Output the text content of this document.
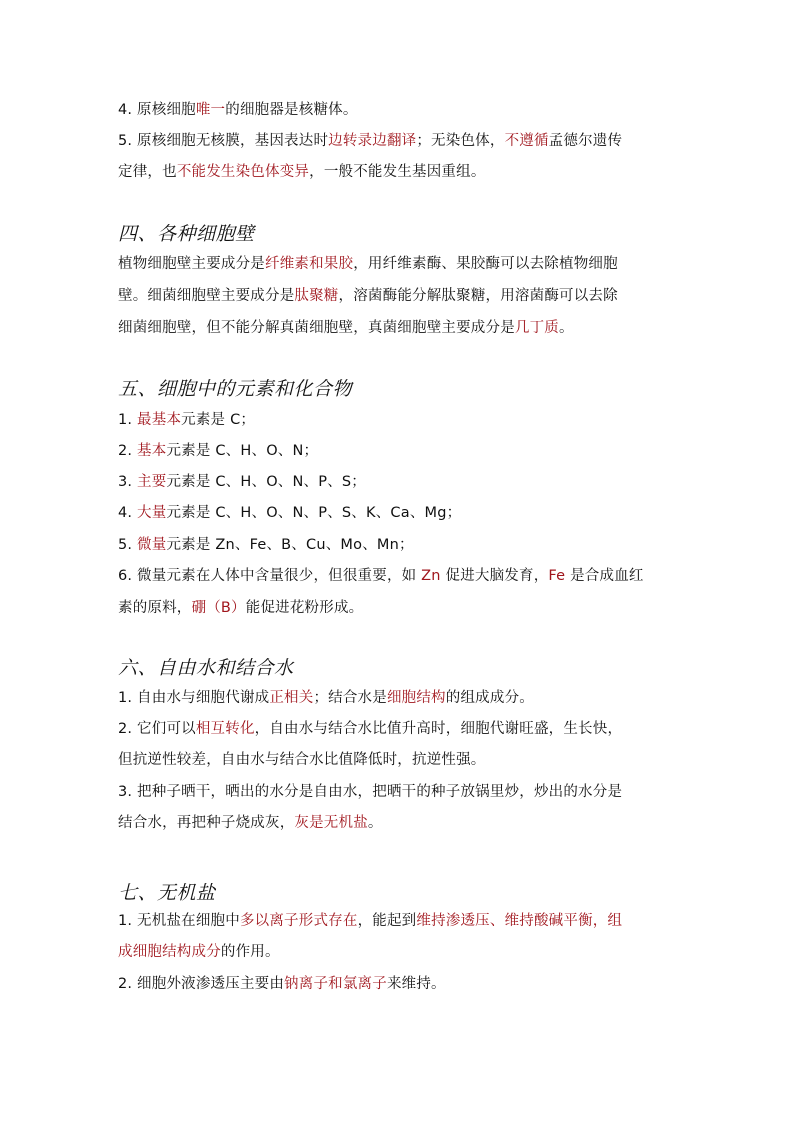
4. 原核细胞唯一的细胞器是核糖体。
5. 原核细胞无核膜，基因表达时边转录边翻译；无染色体，不遵循孟德尔遗传
定律，也不能发生染色体变异，一般不能发生基因重组。
四、各种细胞壁
植物细胞壁主要成分是纤维素和果胶，用纤维素酶、果胶酶可以去除植物细胞
壁。细菌细胞壁主要成分是肽聚糖，溶菌酶能分解肽聚糖，用溶菌酶可以去除
细菌细胞壁，但不能分解真菌细胞壁，真菌细胞壁主要成分是几丁质。
五、细胞中的元素和化合物
1. 最基本元素是 C；
2. 基本元素是 C、H、O、N；
3. 主要元素是 C、H、O、N、P、S；
4. 大量元素是 C、H、O、N、P、S、K、Ca、Mg；
5. 微量元素是 Zn、Fe、B、Cu、Mo、Mn；
6. 微量元素在人体中含量很少，但很重要，如 Zn 促进大脑发育，Fe 是合成血红
素的原料，硼（B）能促进花粉形成。
六、自由水和结合水
1. 自由水与细胞代谢成正相关；结合水是细胞结构的组成成分。
2. 它们可以相互转化，自由水与结合水比值升高时，细胞代谢旺盛，生长快，
但抗逆性较差，自由水与结合水比值降低时，抗逆性强。
3. 把种子晒干，晒出的水分是自由水，把晒干的种子放锅里炒，炒出的水分是
结合水，再把种子烧成灰，灰是无机盐。
七、无机盐
1. 无机盐在细胞中多以离子形式存在，能起到维持渗透压、维持酸碱平衡，组
成细胞结构成分的作用。
2. 细胞外液渗透压主要由钠离子和氯离子来维持。
